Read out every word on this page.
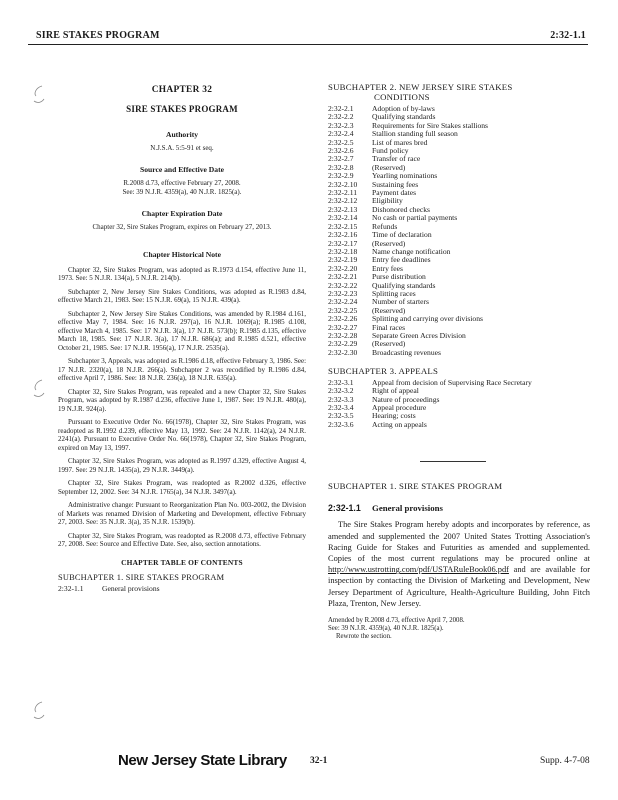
SIRE STAKES PROGRAM	2:32-1.1
CHAPTER 32
SIRE STAKES PROGRAM
Authority
N.J.S.A. 5:5-91 et seq.
Source and Effective Date
R.2008 d.73, effective February 27, 2008.
See: 39 N.J.R. 4359(a), 40 N.J.R. 1825(a).
Chapter Expiration Date
Chapter 32, Sire Stakes Program, expires on February 27, 2013.
Chapter Historical Note

Chapter 32, Sire Stakes Program, was adopted as R.1973 d.154, effective June 11, 1973. See: 5 N.J.R. 134(a), 5 N.J.R. 214(b).

Subchapter 2, New Jersey Sire Stakes Conditions, was adopted as R.1983 d.84, effective March 21, 1983. See: 15 N.J.R. 69(a), 15 N.J.R. 439(a).

Subchapter 2, New Jersey Sire Stakes Conditions, was amended by R.1984 d.161, effective May 7, 1984. See: 16 N.J.R. 297(a), 16 N.J.R. 1069(a); R.1985 d.108, effective March 4, 1985. See: 17 N.J.R. 3(a), 17 N.J.R. 573(b); R.1985 d.135, effective March 18, 1985. See: 17 N.J.R. 3(a), 17 N.J.R. 686(a); and R.1985 d.521, effective October 21, 1985. See: 17 N.J.R. 1956(a), 17 N.J.R. 2535(a).

Subchapter 3, Appeals, was adopted as R.1986 d.18, effective February 3, 1986. See: 17 N.J.R. 2320(a), 18 N.J.R. 266(a). Subchapter 2 was recodified by R.1986 d.84, effective April 7, 1986. See: 18 N.J.R. 236(a), 18 N.J.R. 635(a).

Chapter 32, Sire Stakes Program, was repealed and a new Chapter 32, Sire Stakes Program, was adopted by R.1987 d.236, effective June 1, 1987. See: 19 N.J.R. 480(a), 19 N.J.R. 924(a).

Pursuant to Executive Order No. 66(1978), Chapter 32, Sire Stakes Program, was readopted as R.1992 d.239, effective May 13, 1992. See: 24 N.J.R. 1142(a), 24 N.J.R. 2241(a). Pursuant to Executive Order No. 66(1978), Chapter 32, Sire Stakes Program, expired on May 13, 1997.

Chapter 32, Sire Stakes Program, was adopted as R.1997 d.329, effective August 4, 1997. See: 29 N.J.R. 1435(a), 29 N.J.R. 3449(a).

Chapter 32, Sire Stakes Program, was readopted as R.2002 d.326, effective September 12, 2002. See: 34 N.J.R. 1765(a), 34 N.J.R. 3497(a).

Administrative change: Pursuant to Reorganization Plan No. 003-2002, the Division of Markets was renamed Division of Marketing and Development, effective February 27, 2003. See: 35 N.J.R. 3(a), 35 N.J.R. 1539(b).

Chapter 32, Sire Stakes Program, was readopted as R.2008 d.73, effective February 27, 2008. See: Source and Effective Date. See, also, section annotations.

CHAPTER TABLE OF CONTENTS
SUBCHAPTER 1. SIRE STAKES PROGRAM
2:32-1.1 General provisions
SUBCHAPTER 2. NEW JERSEY SIRE STAKES
CONDITIONS
2:32-2.1	Adoption of by-laws
2:32-2.2	Qualifying standards
2:32-2.3	Requirements for Sire Stakes stallions
2:32-2.4	Stallion standing full season
2:32-2.5	List of mares bred
2:32-2.6	Fund policy
2:32-2.7	Transfer of race
2:32-2.8	(Reserved)
2:32-2.9	Yearling nominations
2:32-2.10	Sustaining fees
2:32-2.11	Payment dates
2:32-2.12	Eligibility
2:32-2.13	Dishonored checks
2:32-2.14	No cash or partial payments
2:32-2.15	Refunds
2:32-2.16	Time of declaration
2:32-2.17	(Reserved)
2:32-2.18	Name change notification
2:32-2.19	Entry fee deadlines
2:32-2.20	Entry fees
2:32-2.21	Purse distribution
2:32-2.22	Qualifying standards
2:32-2.23	Splitting races
2:32-2.24	Number of starters
2:32-2.25	(Reserved)
2:32-2.26	Splitting and carrying over divisions
2:32-2.27	Final races
2:32-2.28	Separate Green Acres Division
2:32-2.29	(Reserved)
2:32-2.30	Broadcasting revenues
SUBCHAPTER 3. APPEALS
2:32-3.1	Appeal from decision of Supervising Race Secretary
2:32-3.2	Right of appeal
2:32-3.3	Nature of proceedings
2:32-3.4	Appeal procedure
2:32-3.5	Hearing; costs
2:32-3.6	Acting on appeals
SUBCHAPTER 1. SIRE STAKES PROGRAM
2:32-1.1 General provisions
The Sire Stakes Program hereby adopts and incorporates by reference, as amended and supplemented the 2007 United States Trotting Association's Racing Guide for Stakes and Futurities as amended and supplemented. Copies of the most current regulations may be procured online at http://www.ustrotting.com/pdf/USTARuleBook06.pdf and are available for inspection by contacting the Division of Marketing and Development, New Jersey Department of Agriculture, Health-Agriculture Building, John Fitch Plaza, Trenton, New Jersey.
Amended by R.2008 d.73, effective April 7, 2008.
See: 39 N.J.R. 4359(a), 40 N.J.R. 1825(a).

Rewrote the section.
New Jersey State Library 32-1	Supp. 4-7-08
